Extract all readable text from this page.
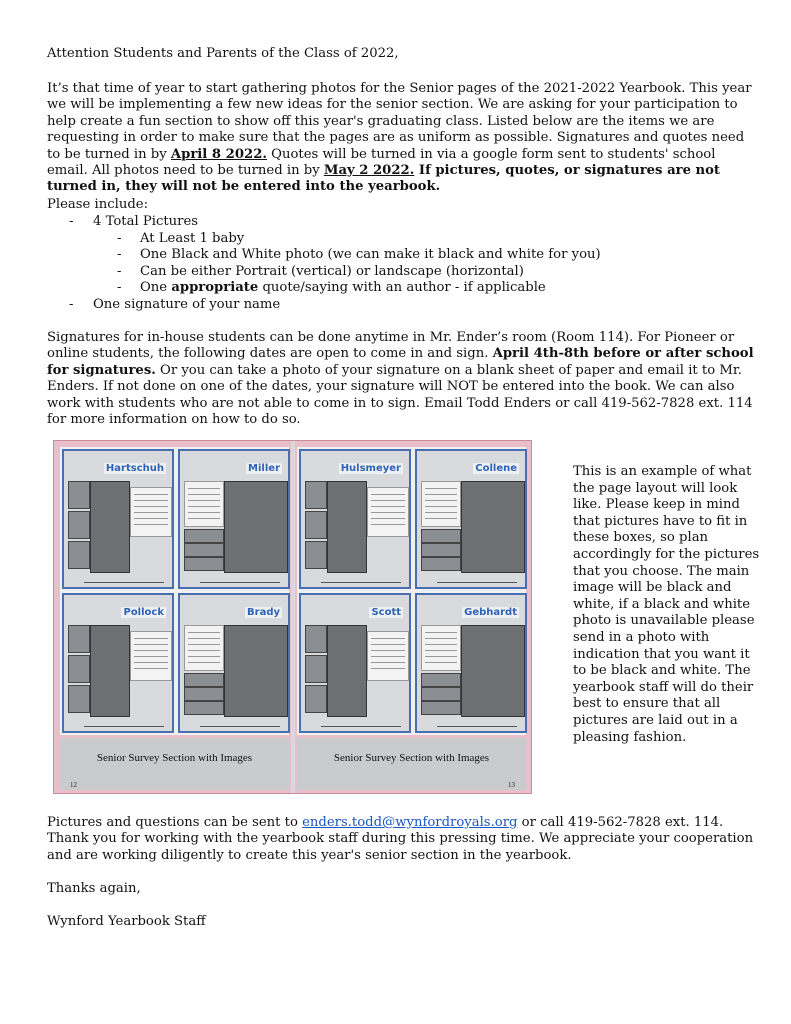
Attention Students and Parents of the Class of 2022,

It’s that time of year to start gathering photos for the Senior pages of the 2021-2022 Yearbook. This year we will be implementing a few new ideas for the senior section. We are asking for your participation to help create a fun section to show off this year's graduating class. Listed below are the items we are requesting in order to make sure that the pages are as uniform as possible. Signatures and quotes need to be turned in by April 8 2022. Quotes will be turned in via a google form sent to students' school email. All photos need to be turned in by May 2 2022. If pictures, quotes, or signatures are not turned in, they will not be entered into the yearbook.

Please include:

- 4 Total Pictures
- At Least 1 baby
- One Black and White photo (we can make it black and white for you)
- Can be either Portrait (vertical) or landscape (horizontal)
- One appropriate quote/saying with an author - if applicable
- One signature of your name

Signatures for in-house students can be done anytime in Mr. Ender’s room (Room 114). For Pioneer or online students, the following dates are open to come in and sign. April 4th-8th before or after school for signatures. Or you can take a photo of your signature on a blank sheet of paper and email it to Mr. Enders. If not done on one of the dates, your signature will NOT be entered into the book. We can also work with students who are not able to come in to sign. Email Todd Enders or call 419-562-7828 ext. 114 for more information on how to do so.

Hartschuh	Miller	Hulsmeyer	Collene
Pollock	Brady	Scott	Gebhardt
Senior Survey Section with Images	Senior Survey Section with Images
12	13
This is an example of what the page layout will look like. Please keep in mind that pictures have to fit in these boxes, so plan accordingly for the pictures that you choose. The main image will be black and white, if a black and white photo is unavailable please send in a photo with indication that you want it to be black and white. The yearbook staff will do their best to ensure that all pictures are laid out in a pleasing fashion.

Pictures and questions can be sent to enders.todd@wynfordroyals.org or call 419-562-7828 ext. 114. Thank you for working with the yearbook staff during this pressing time. We appreciate your cooperation and are working diligently to create this year's senior section in the yearbook.

Thanks again,

Wynford Yearbook Staff
